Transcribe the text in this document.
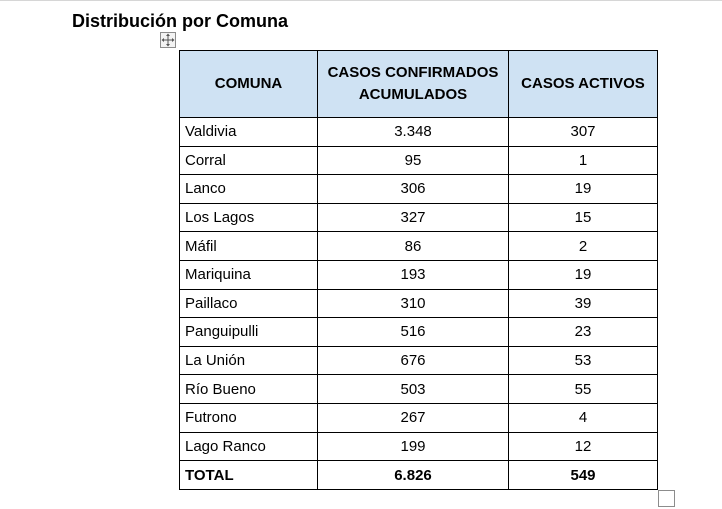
Distribución por Comuna
COMUNA	CASOS CONFIRMADOS ACUMULADOS	CASOS ACTIVOS
Valdivia	3.348	307
Corral	95	1
Lanco	306	19
Los Lagos	327	15
Máfil	86	2
Mariquina	193	19
Paillaco	310	39
Panguipulli	516	23
La Unión	676	53
Río Bueno	503	55
Futrono	267	4
Lago Ranco	199	12
TOTAL	6.826	549
